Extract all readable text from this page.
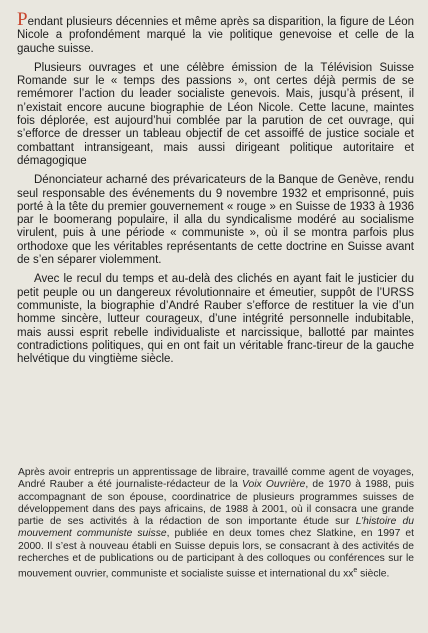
Pendant plusieurs décennies et même après sa disparition, la figure de Léon Nicole a profondément marqué la vie politique genevoise et celle de la gauche suisse.

Plusieurs ouvrages et une célèbre émission de la Télévision Suisse Romande sur le « temps des passions », ont certes déjà permis de se remémorer l’action du leader socialiste genevois. Mais, jusqu’à présent, il n’existait encore aucune biographie de Léon Nicole. Cette lacune, maintes fois déplorée, est aujourd’hui comblée par la parution de cet ouvrage, qui s’efforce de dresser un tableau objectif de cet assoiffé de justice sociale et combattant intransigeant, mais aussi dirigeant politique autoritaire et démagogique

Dénonciateur acharné des prévaricateurs de la Banque de Genève, rendu seul responsable des événements du 9 novembre 1932 et emprisonné, puis porté à la tête du premier gouvernement « rouge » en Suisse de 1933 à 1936 par le boomerang populaire, il alla du syndicalisme modéré au socialisme virulent, puis à une période « communiste », où il se montra parfois plus orthodoxe que les véritables représentants de cette doctrine en Suisse avant de s’en séparer violemment.

Avec le recul du temps et au-delà des clichés en ayant fait le justicier du petit peuple ou un dangereux révolutionnaire et émeutier, suppôt de l’URSS communiste, la biographie d’André Rauber s’efforce de restituer la vie d’un homme sincère, lutteur courageux, d’une intégrité personnelle indubitable, mais aussi esprit rebelle individualiste et narcissique, ballotté par maintes contradictions politiques, qui en ont fait un véritable franc-tireur de la gauche helvétique du vingtième siècle.

Après avoir entrepris un apprentissage de libraire, travaillé comme agent de voyages, André Rauber a été journaliste-rédacteur de la Voix Ouvrière, de 1970 à 1988, puis accompagnant de son épouse, coordinatrice de plusieurs programmes suisses de développement dans des pays africains, de 1988 à 2001, où il consacra une grande partie de ses activités à la rédaction de son importante étude sur L’histoire du mouvement communiste suisse, publiée en deux tomes chez Slatkine, en 1997 et 2000. Il s’est à nouveau établi en Suisse depuis lors, se consacrant à des activités de recherches et de publications ou de participant à des colloques ou conférences sur le mouvement ouvrier, communiste et socialiste suisse et international du $xx^e$ siècle.
